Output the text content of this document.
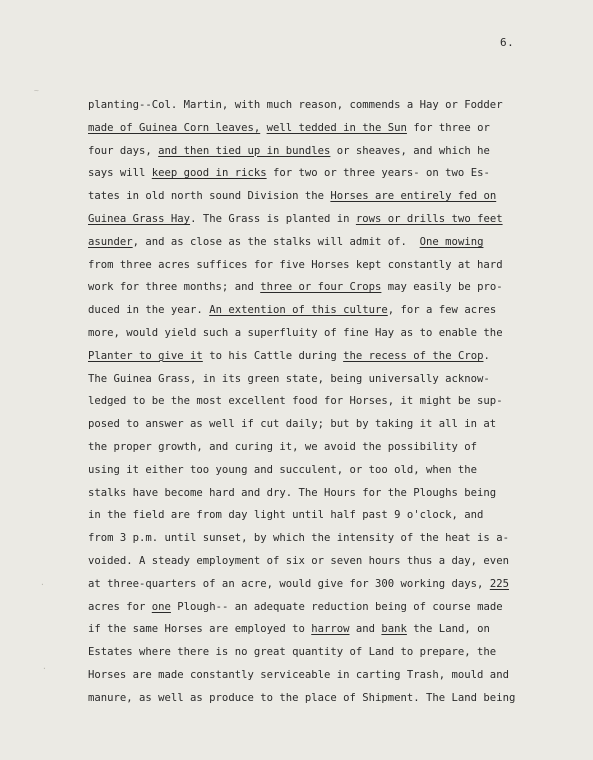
6.
~
.
·
planting--Col. Martin, with much reason, commends a Hay or Fodder
made of Guinea Corn leaves, well tedded in the Sun for three or
four days, and then tied up in bundles or sheaves, and which he
says will keep good in ricks for two or three years- on two Es-
tates in old north sound Division the Horses are entirely fed on
Guinea Grass Hay. The Grass is planted in rows or drills two feet
asunder, and as close as the stalks will admit of.  One mowing
from three acres suffices for five Horses kept constantly at hard
work for three months; and three or four Crops may easily be pro-
duced in the year. An extention of this culture, for a few acres
more, would yield such a superfluity of fine Hay as to enable the
Planter to give it to his Cattle during the recess of the Crop.
The Guinea Grass, in its green state, being universally acknow-
ledged to be the most excellent food for Horses, it might be sup-
posed to answer as well if cut daily; but by taking it all in at
the proper growth, and curing it, we avoid the possibility of
using it either too young and succulent, or too old, when the
stalks have become hard and dry. The Hours for the Ploughs being
in the field are from day light until half past 9 o'clock, and
from 3 p.m. until sunset, by which the intensity of the heat is a-
voided. A steady employment of six or seven hours thus a day, even
at three-quarters of an acre, would give for 300 working days, 225
acres for one Plough-- an adequate reduction being of course made
if the same Horses are employed to harrow and bank the Land, on
Estates where there is no great quantity of Land to prepare, the
Horses are made constantly serviceable in carting Trash, mould and
manure, as well as produce to the place of Shipment. The Land being
